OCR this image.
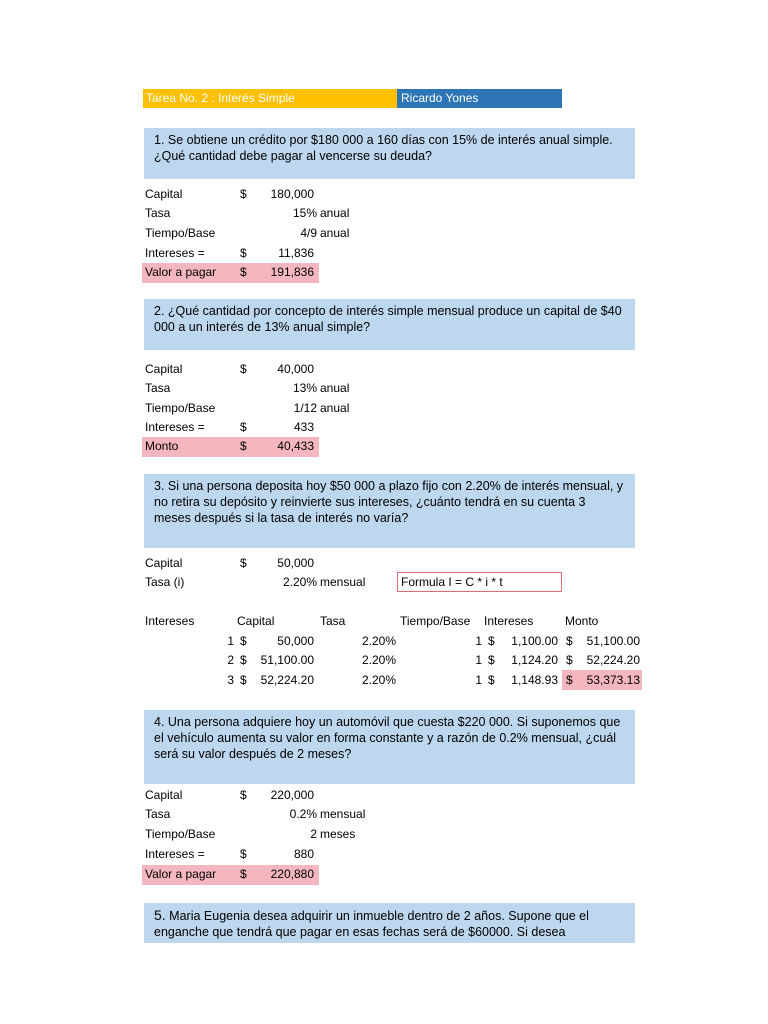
Tarea No. 2 : Interés Simple	Ricardo Yones
1. Se obtiene un crédito por $180 000 a 160 días con 15% de interés anual simple. ¿Qué cantidad debe pagar al vencerse su deuda?
Capital	$	180,000
Tasa	15% anual
Tiempo/Base	4/9 anual
Intereses =	$	11,836
Valor a pagar $	191,836
2. ¿Qué cantidad por concepto de interés simple mensual produce un capital de $40 000 a un interés de 13% anual simple?
Capital	$	40,000
Tasa	13% anual
Tiempo/Base	1/12 anual
Intereses =	$	433
Monto	$	40,433
3. Si una persona deposita hoy $50 000 a plazo fijo con 2.20% de interés mensual, y no retira su depósito y reinvierte sus intereses, ¿cuánto tendrá en su cuenta 3 meses después si la tasa de interés no varía?
Capital	$	50,000
Tasa (i)	2.20% mensual	Formula I = C * i * t
Intereses	Capital	Tasa	Tiempo/Base Intereses	Monto
1 $	50,000	2.20%	1 $	1,100.00 $	51,100.00
2 $	51,100.00	2.20%	1 $	1,124.20 $	52,224.20
3 $	52,224.20	2.20%	1 $	1,148.93 $	53,373.13
4. Una persona adquiere hoy un automóvil que cuesta $220 000. Si suponemos que el vehículo aumenta su valor en forma constante y a razón de 0.2% mensual, ¿cuál será su valor después de 2 meses?
Capital	$	220,000
Tasa	0.2% mensual
Tiempo/Base	2 meses
Intereses =	$	880
Valor a pagar $	220,880
5. Maria Eugenia desea adquirir un inmueble dentro de 2 años. Supone que el enganche que tendrá que pagar en esas fechas será de $60000. Si desea
